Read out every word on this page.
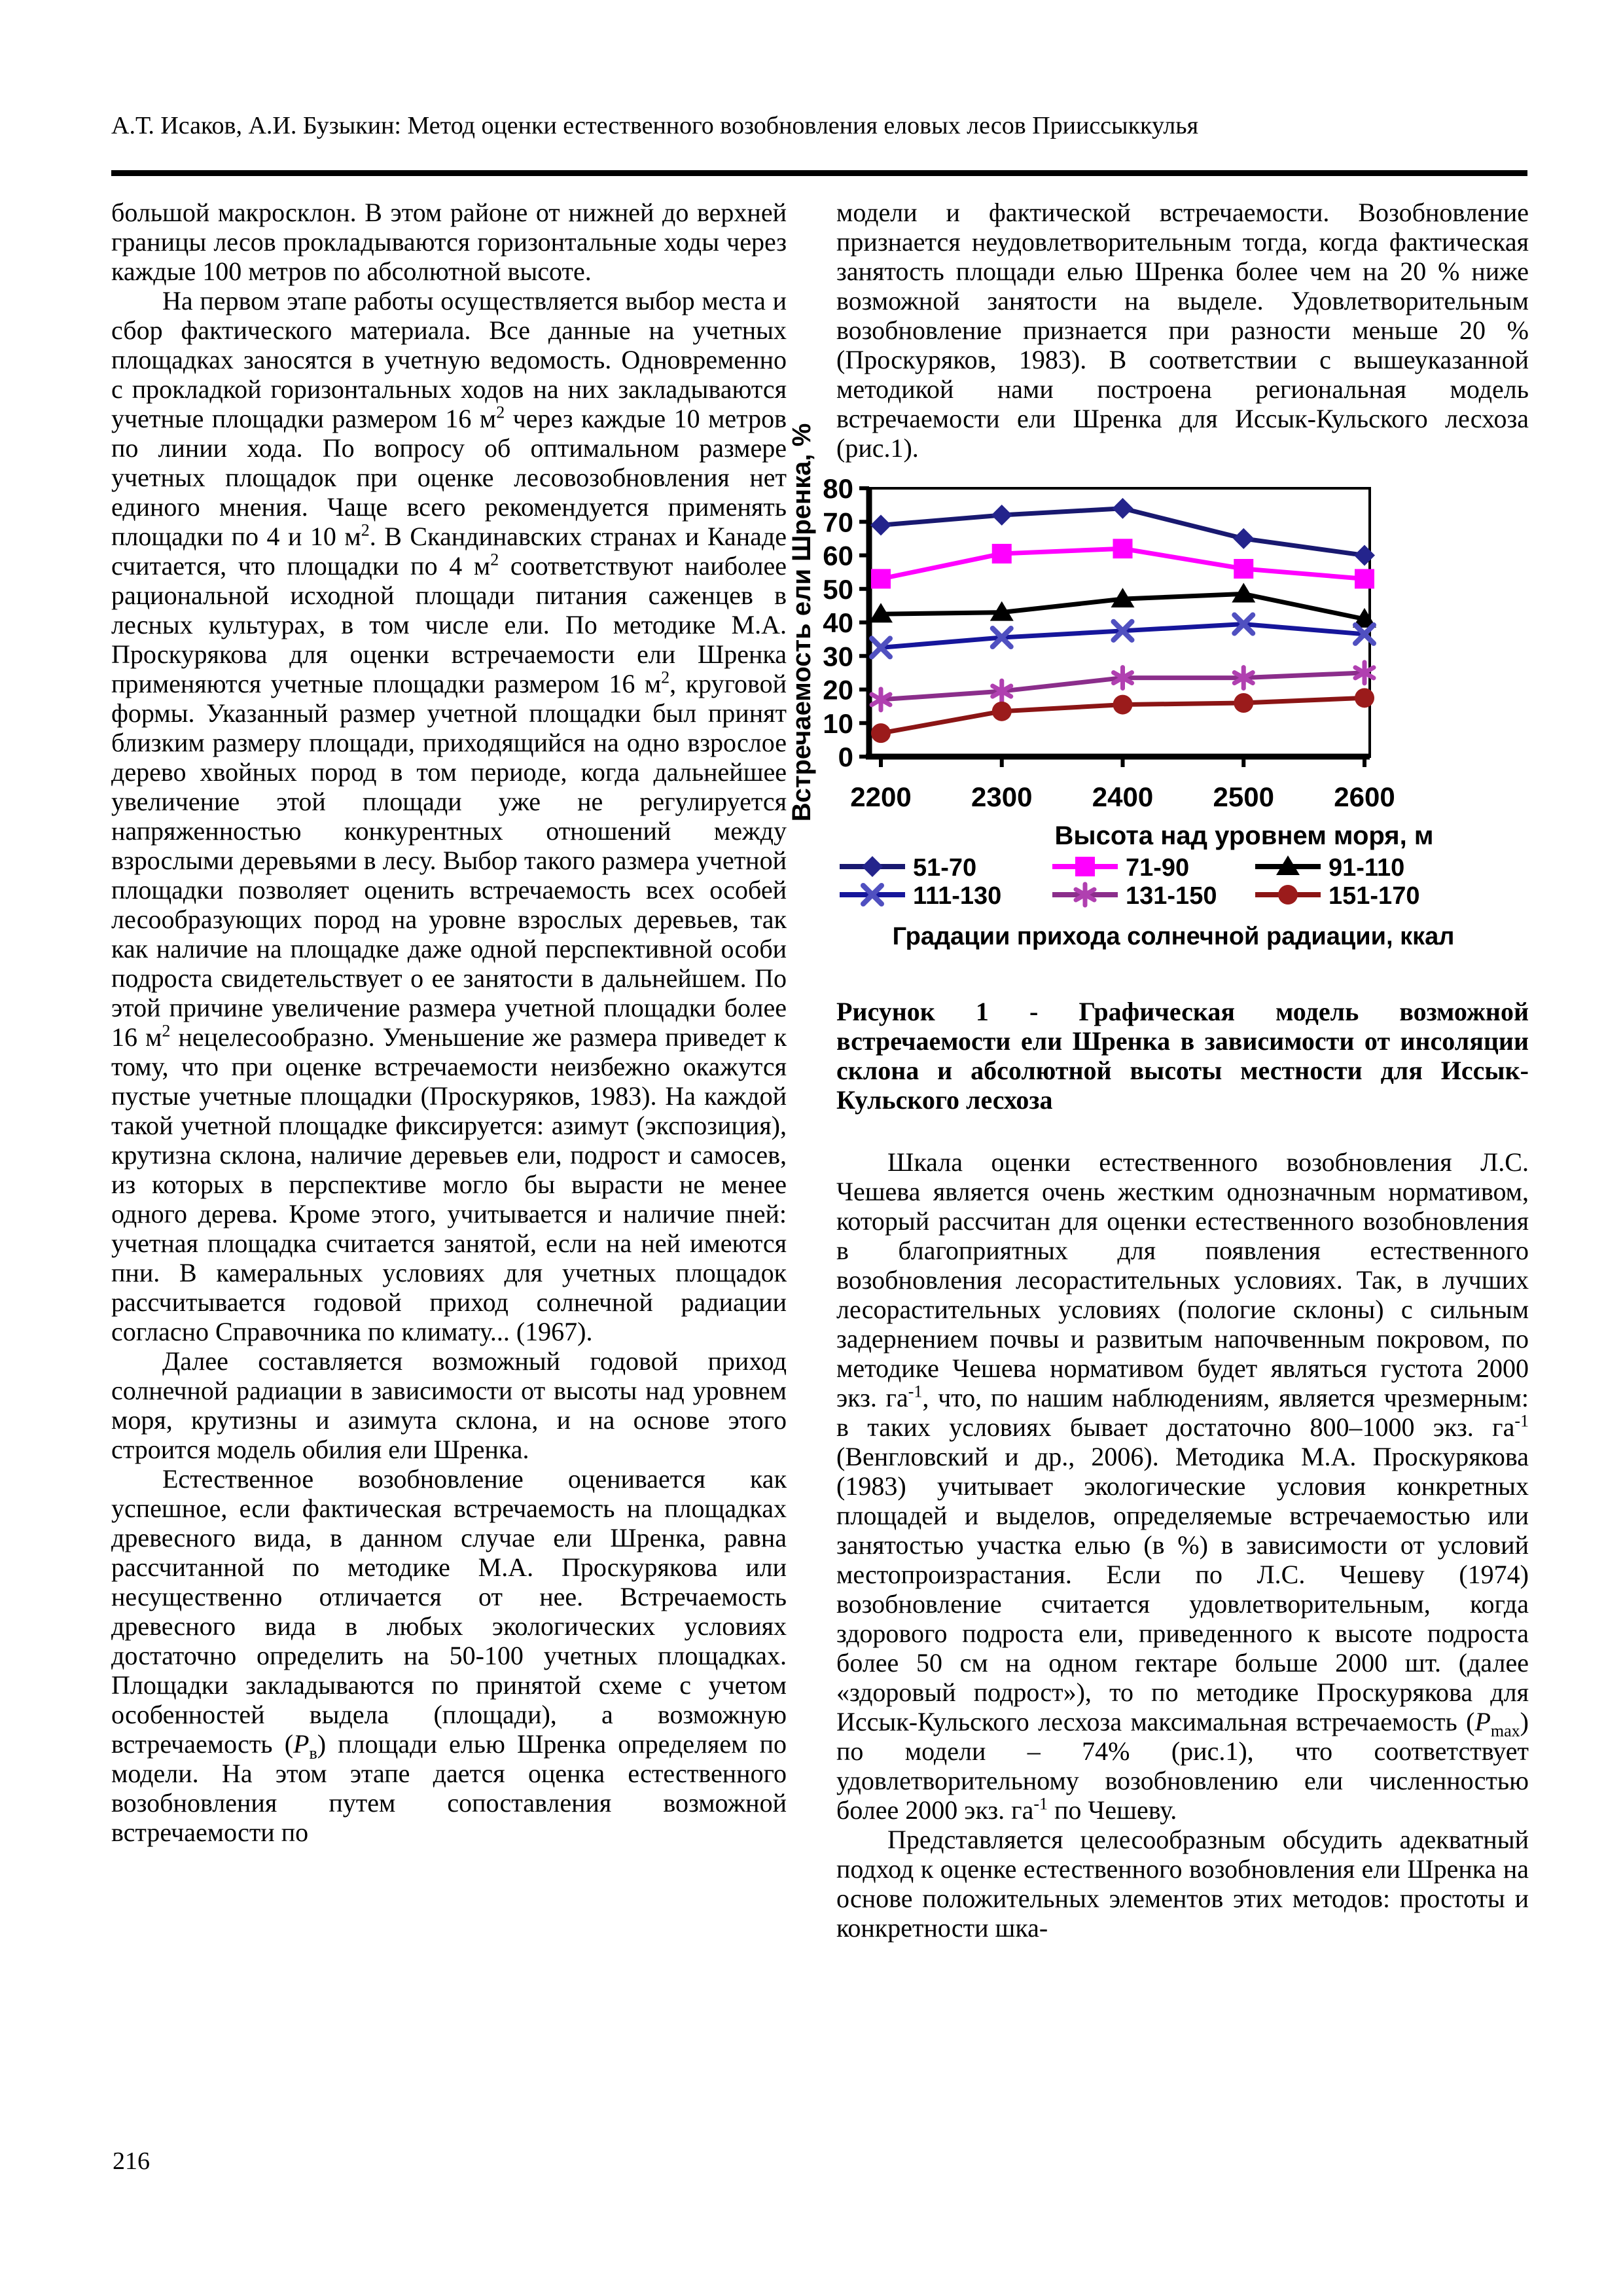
А.Т. Исаков, А.И. Бузыкин: Метод оценки естественного возобновления еловых лесов Прииссыккулья

большой макросклон. В этом районе от нижней до верхней границы лесов прокладываются горизонтальные ходы через каждые 100 метров по абсолютной высоте.

На первом этапе работы осуществляется выбор места и сбор фактического материала. Все данные на учетных площадках заносятся в учетную ведомость. Одновременно с прокладкой горизонтальных ходов на них закладываются учетные площадки размером 16 $м^2$ через каждые 10 метров по линии хода. По вопросу об оптимальном размере учетных площадок при оценке лесовозобновления нет единого мнения. Чаще всего рекомендуется применять площадки по 4 и 10 $м^2$. В Скандинавских странах и Канаде считается, что площадки по 4 $м^2$ соответствуют наиболее рациональной исходной площади питания саженцев в лесных культурах, в том числе ели. По методике М.А. Проскурякова для оценки встречаемости ели Шренка применяются учетные площадки размером 16 $м^2$, круговой формы. Указанный размер учетной площадки был принят близким размеру площади, приходящийся на одно взрослое дерево хвойных пород в том периоде, когда дальнейшее увеличение этой площади уже не регулируется напряженностью конкурентных отношений между взрослыми деревьями в лесу. Выбор такого размера учетной площадки позволяет оценить встречаемость всех особей лесообразующих пород на уровне взрослых деревьев, так как наличие на площадке даже одной перспективной особи подроста свидетельствует о ее занятости в дальнейшем. По этой причине увеличение размера учетной площадки более 16 $м^2$ нецелесообразно. Уменьшение же размера приведет к тому, что при оценке встречаемости неизбежно окажутся пустые учетные площадки (Проскуряков, 1983). На каждой такой учетной площадке фиксируется: азимут (экспозиция), крутизна склона, наличие деревьев ели, подрост и самосев, из которых в перспективе могло бы вырасти не менее одного дерева. Кроме этого, учитывается и наличие пней: учетная площадка считается занятой, если на ней имеются пни. В камеральных условиях для учетных площадок рассчитывается годовой приход солнечной радиации согласно Справочника по климату... (1967).

Далее составляется возможный годовой приход солнечной радиации в зависимости от высоты над уровнем моря, крутизны и азимута склона, и на основе этого строится модель обилия ели Шренка.

Естественное возобновление оценивается как успешное, если фактическая встречаемость на площадках древесного вида, в данном случае ели Шренка, равна рассчитанной по методике М.А. Проскурякова или несущественно отличается от нее. Встречаемость древесного вида в любых экологических условиях достаточно определить на 50-100 учетных площадках. Площадки закладываются по принятой схеме с учетом особенностей выдела (площади), а возможную встречаемость $(P_в)$ площади елью Шренка определяем по модели. На этом этапе дается оценка естественного возобновления путем сопоставления возможной встречаемости по

модели и фактической встречаемости. Возобновление признается неудовлетворительным тогда, когда фактическая занятость площади елью Шренка более чем на 20 % ниже возможной занятости на выделе. Удовлетворительным возобновление признается при разности меньше 20 % (Проскуряков, 1983). В соответствии с вышеуказанной методикой нами построена региональная модель встречаемости ели Шренка для Иссык-Кульского лесхоза (рис.1).

0
10
20
30
40
50
60
70
80
2200 2300 2400 2500 2600
Встречаемость ели Шренка, %
Высота над уровнем моря, м
51-70	71-90	91-110
111-130	131-150	151-170
Градации прихода солнечной радиации, ккал

Рисунок 1 - Графическая модель возможной встречаемости ели Шренка в зависимости от инсоляции склона и абсолютной высоты местности для Иссык-Кульского лесхоза

Шкала оценки естественного возобновления Л.С. Чешева является очень жестким однозначным нормативом, который рассчитан для оценки естественного возобновления в благоприятных для появления естественного возобновления лесорастительных условиях. Так, в лучших лесорастительных условиях (пологие склоны) с сильным задернением почвы и развитым напочвенным покровом, по методике Чешева нормативом будет являться густота 2000 экз. $га^{-1}$, что, по нашим наблюдениям, является чрезмерным: в таких условиях бывает достаточно 800–1000 экз. $га^{-1}$ (Венгловский и др., 2006). Методика М.А. Проскурякова (1983) учитывает экологические условия конкретных площадей и выделов, определяемые встречаемостью или занятостью участка елью (в %) в зависимости от условий местопроизрастания. Если по Л.С. Чешеву (1974) возобновление считается удовлетворительным, когда здорового подроста ели, приведенного к высоте подроста более 50 см на одном гектаре больше 2000 шт. (далее «здоровый подрост»), то по методике Проскурякова для Иссык-Кульского лесхоза максимальная встречаемость $(P_{max})$ по модели – 74% (рис.1), что соответствует удовлетворительному возобновлению ели численностью более 2000 экз. $га^{-1}$ по Чешеву.

Представляется целесообразным обсудить адекватный подход к оценке естественного возобновления ели Шренка на основе положительных элементов этих методов: простоты и конкретности шка-

216
